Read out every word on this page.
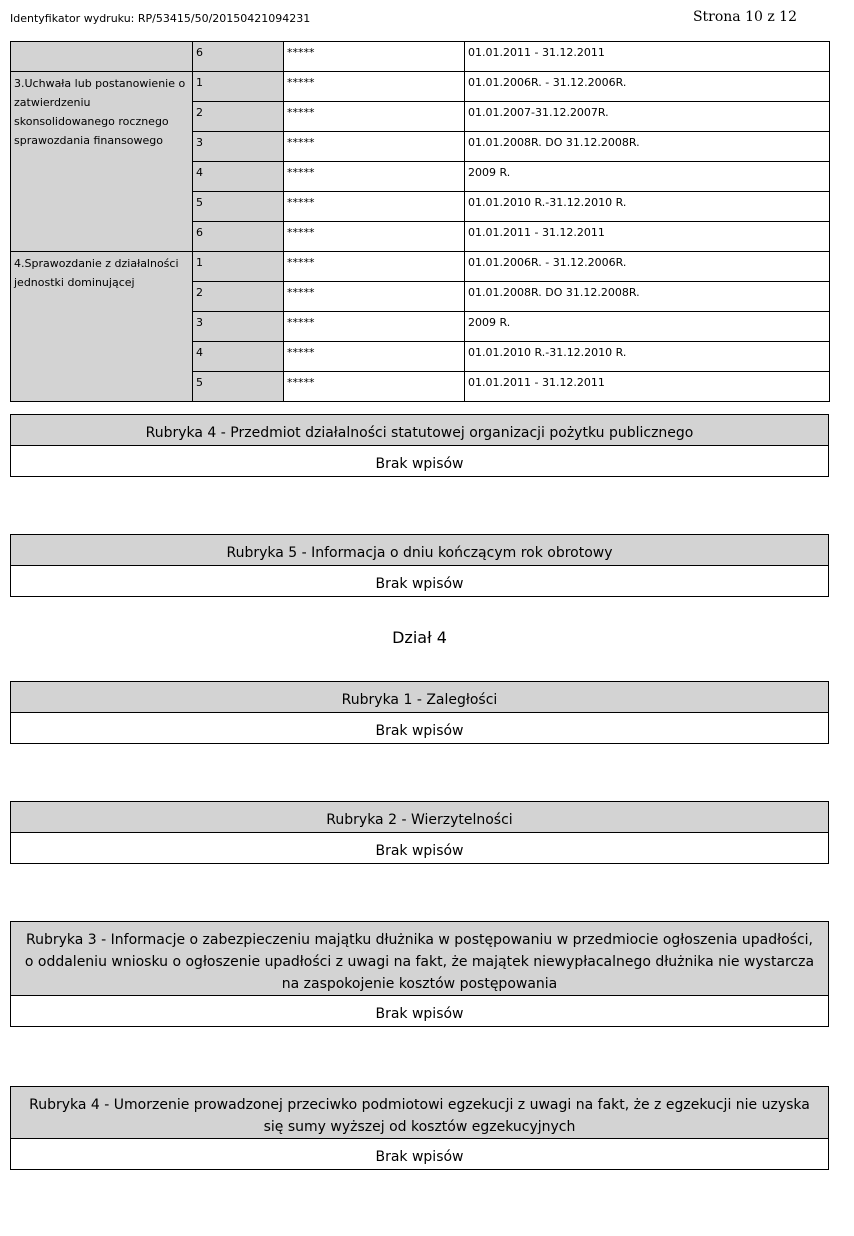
Identyfikator wydruku: RP/53415/50/20150421094231	Strona 10 z 12
	6	*****	01.01.2011 - 31.12.2011
3.Uchwała lub postanowienie o zatwierdzeniu skonsolidowanego rocznego sprawozdania finansowego	1	*****	01.01.2006R. - 31.12.2006R.
	2	*****	01.01.2007-31.12.2007R.
	3	*****	01.01.2008R. DO 31.12.2008R.
	4	*****	2009 R.
	5	*****	01.01.2010 R.-31.12.2010 R.
	6	*****	01.01.2011 - 31.12.2011
4.Sprawozdanie z działalności jednostki dominującej	1	*****	01.01.2006R. - 31.12.2006R.
	2	*****	01.01.2008R. DO 31.12.2008R.
	3	*****	2009 R.
	4	*****	01.01.2010 R.-31.12.2010 R.
	5	*****	01.01.2011 - 31.12.2011
Rubryka 4 - Przedmiot działalności statutowej organizacji pożytku publicznego
Brak wpisów
Rubryka 5 - Informacja o dniu kończącym rok obrotowy
Brak wpisów
Dział 4
Rubryka 1 - Zaległości
Brak wpisów
Rubryka 2 - Wierzytelności
Brak wpisów
Rubryka 3 - Informacje o zabezpieczeniu majątku dłużnika w postępowaniu w przedmiocie ogłoszenia upadłości, o oddaleniu wniosku o ogłoszenie upadłości z uwagi na fakt, że majątek niewypłacalnego dłużnika nie wystarcza na zaspokojenie kosztów postępowania
Brak wpisów
Rubryka 4 - Umorzenie prowadzonej przeciwko podmiotowi egzekucji z uwagi na fakt, że z egzekucji nie uzyska się sumy wyższej od kosztów egzekucyjnych
Brak wpisów
